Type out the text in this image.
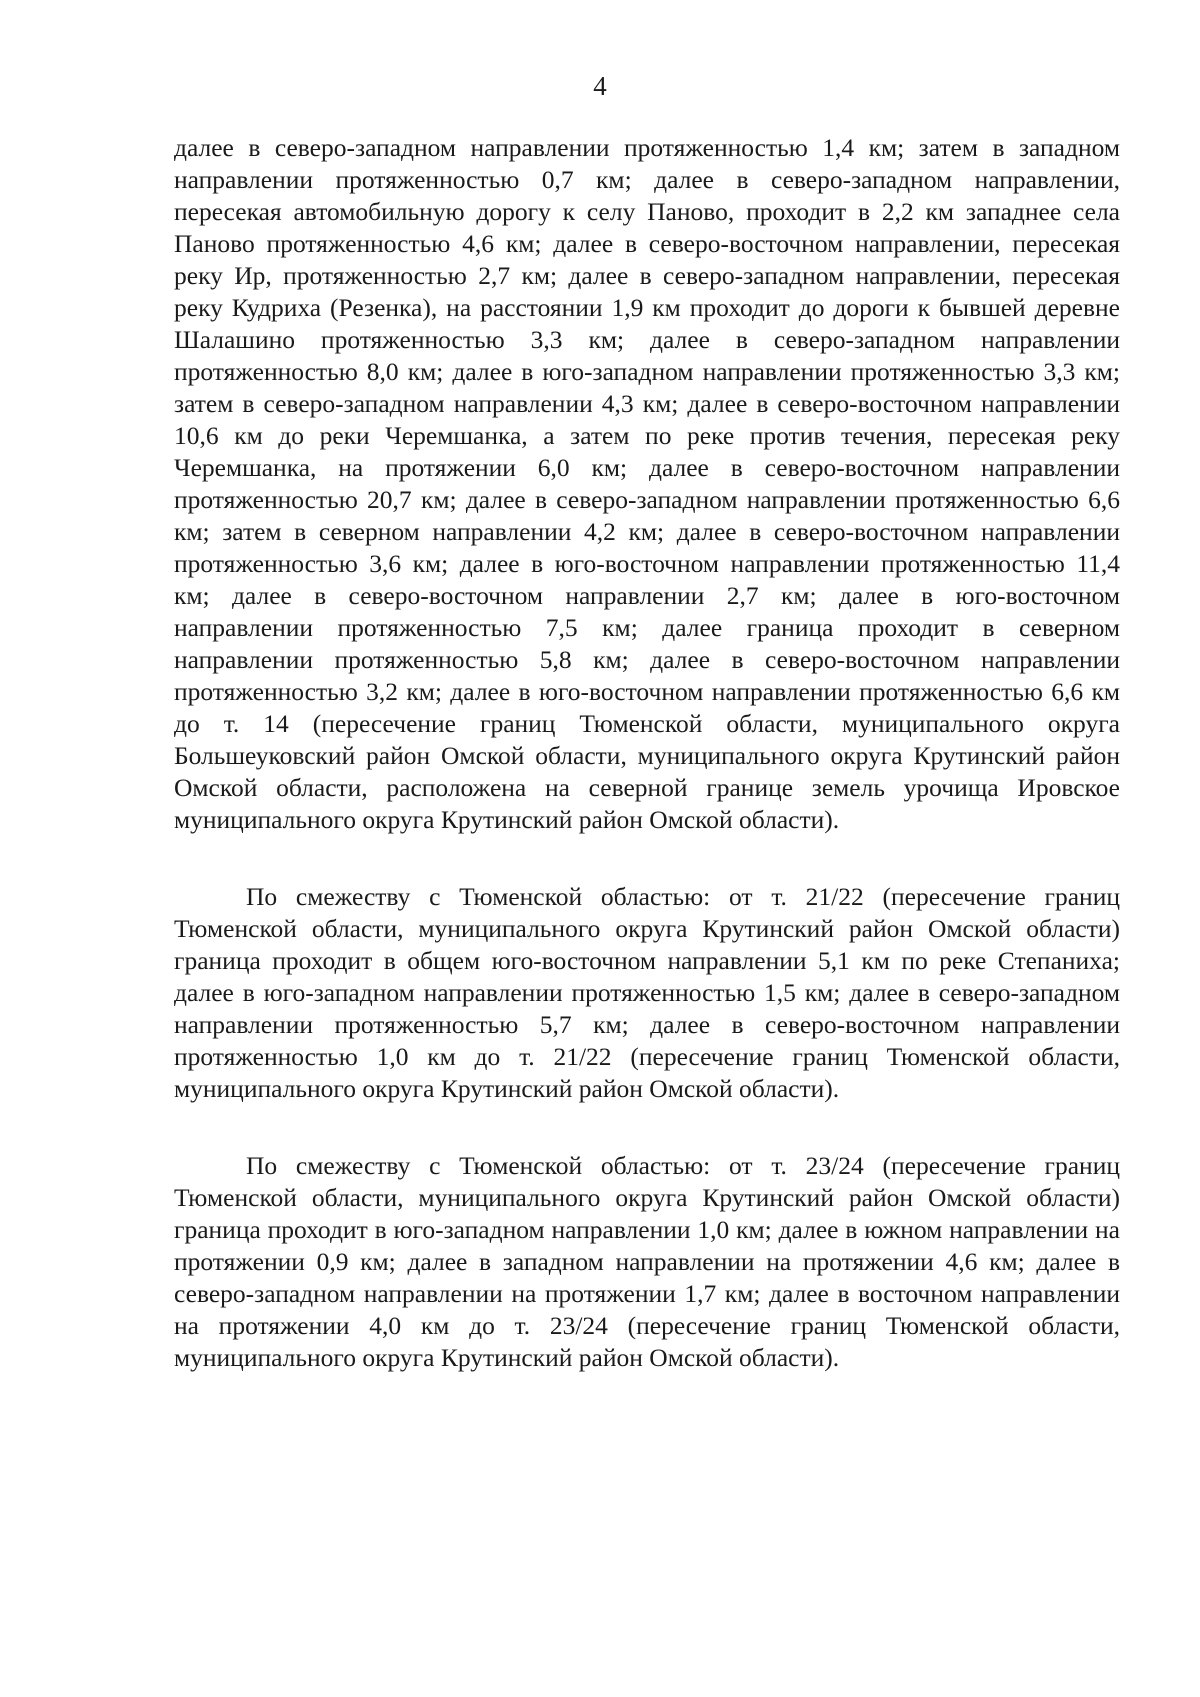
4

далее в северо-западном направлении протяженностью 1,4 км; затем в западном направлении протяженностью 0,7 км; далее в северо-западном направлении, пересекая автомобильную дорогу к селу Паново, проходит в 2,2 км западнее села Паново протяженностью 4,6 км; далее в северо-восточном направлении, пересекая реку Ир, протяженностью 2,7 км; далее в северо-западном направлении, пересекая реку Кудриха (Резенка), на расстоянии 1,9 км проходит до дороги к бывшей деревне Шалашино протяженностью 3,3 км; далее в северо-западном направлении протяженностью 8,0 км; далее в юго-западном направлении протяженностью 3,3 км; затем в северо-западном направлении 4,3 км; далее в северо-восточном направлении 10,6 км до реки Черемшанка, а затем по реке против течения, пересекая реку Черемшанка, на протяжении 6,0 км; далее в северо-восточном направлении протяженностью 20,7 км; далее в северо-западном направлении протяженностью 6,6 км; затем в северном направлении 4,2 км; далее в северо-восточном направлении протяженностью 3,6 км; далее в юго-восточном направлении протяженностью 11,4 км; далее в северо-восточном направлении 2,7 км; далее в юго-восточном направлении протяженностью 7,5 км; далее граница проходит в северном направлении протяженностью 5,8 км; далее в северо-восточном направлении протяженностью 3,2 км; далее в юго-восточном направлении протяженностью 6,6 км до т. 14 (пересечение границ Тюменской области, муниципального округа Большеуковский район Омской области, муниципального округа Крутинский район Омской области, расположена на северной границе земель урочища Ировское муниципального округа Крутинский район Омской области).

По смежеству с Тюменской областью: от т. 21/22 (пересечение границ Тюменской области, муниципального округа Крутинский район Омской области) граница проходит в общем юго-восточном направлении 5,1 км по реке Степаниха; далее в юго-западном направлении протяженностью 1,5 км; далее в северо-западном направлении протяженностью 5,7 км; далее в северо-восточном направлении протяженностью 1,0 км до т. 21/22 (пересечение границ Тюменской области, муниципального округа Крутинский район Омской области).

По смежеству с Тюменской областью: от т. 23/24 (пересечение границ Тюменской области, муниципального округа Крутинский район Омской области) граница проходит в юго-западном направлении 1,0 км; далее в южном направлении на протяжении 0,9 км; далее в западном направлении на протяжении 4,6 км; далее в северо-западном направлении на протяжении 1,7 км; далее в восточном направлении на протяжении 4,0 км до т. 23/24 (пересечение границ Тюменской области, муниципального округа Крутинский район Омской области).
